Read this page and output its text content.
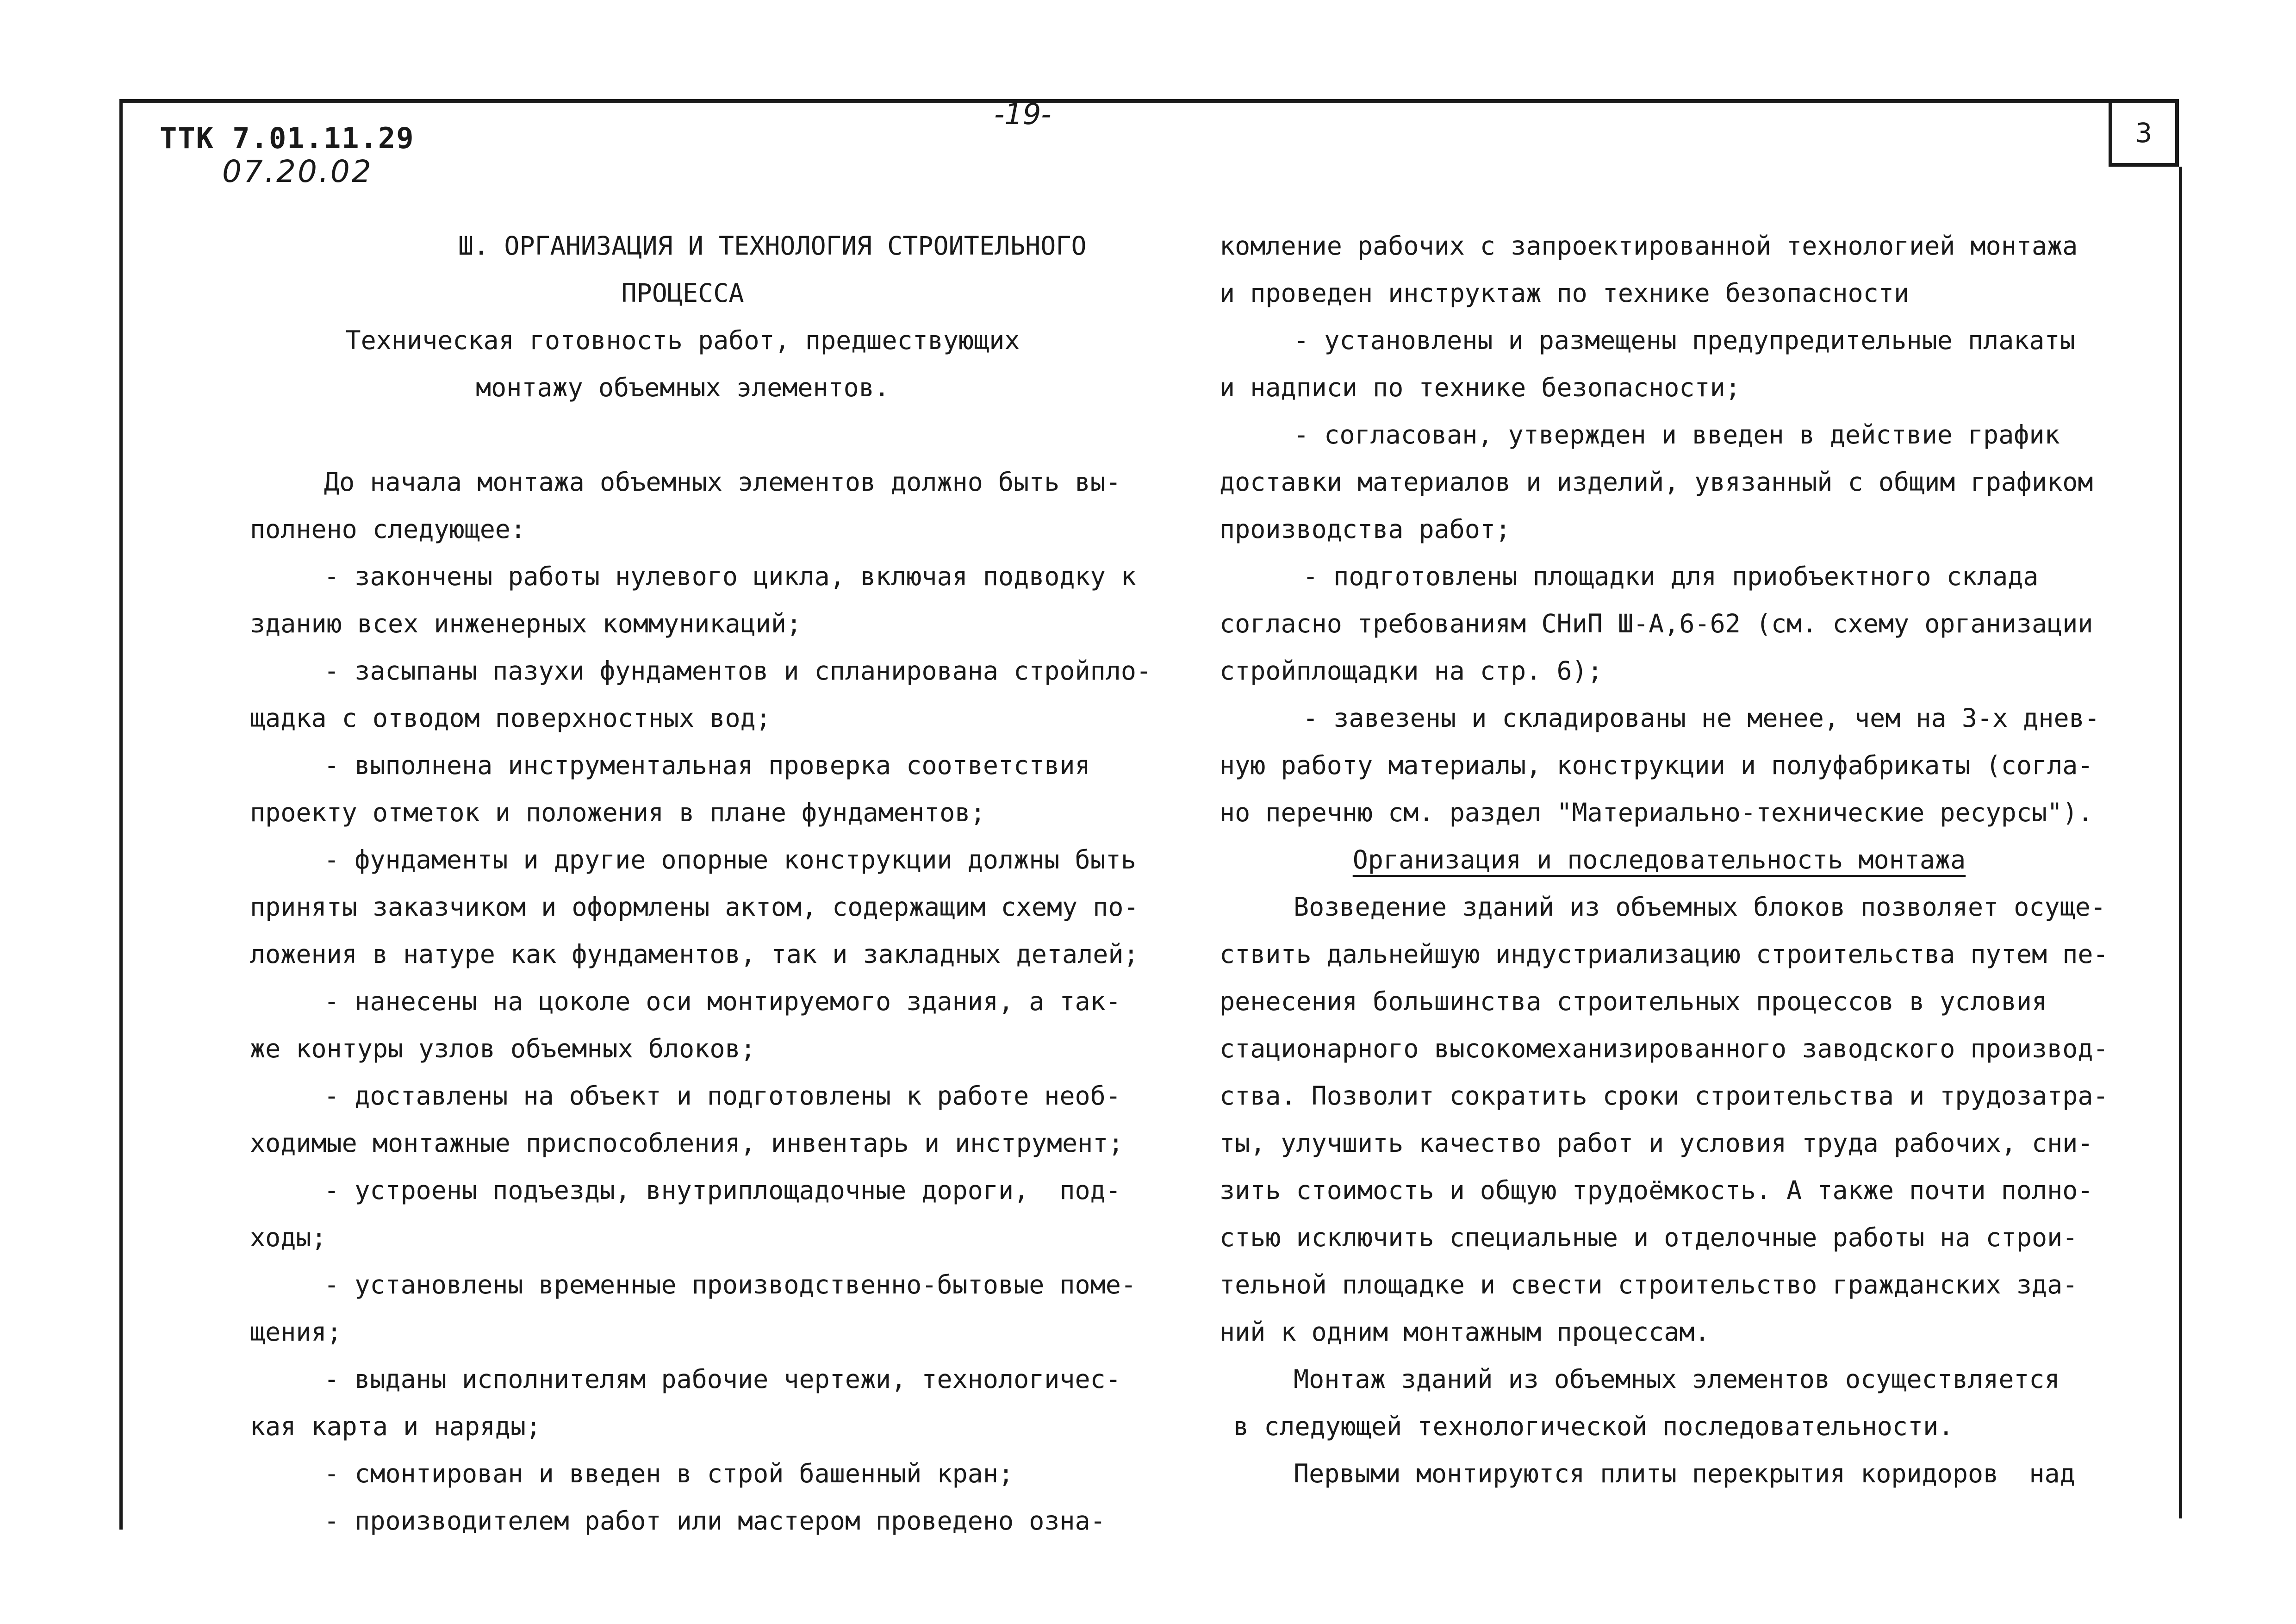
3
ТТК 7.01.11.29
07.20.02
-19-
Ш. ОРГАНИЗАЦИЯ И ТЕХНОЛОГИЯ СТРОИТЕЛЬНОГО
ПРОЦЕССА
Техническая готовность работ, предшествующих
монтажу объемных элементов.
До начала монтажа объемных элементов должно быть вы-
полнено следующее:
- закончены работы нулевого цикла, включая подводку к
зданию всех инженерных коммуникаций;
- засыпаны пазухи фундаментов и спланирована стройпло-
щадка с отводом поверхностных вод;
- выполнена инструментальная проверка соответствия
проекту отметок и положения в плане фундаментов;
- фундаменты и другие опорные конструкции должны быть
приняты заказчиком и оформлены актом, содержащим схему по-
ложения в натуре как фундаментов, так и закладных деталей;
- нанесены на цоколе оси монтируемого здания, а так-
же контуры узлов объемных блоков;
- доставлены на объект и подготовлены к работе необ-
ходимые монтажные приспособления, инвентарь и инструмент;
- устроены подъезды, внутриплощадочные дороги,  под-
ходы;
- установлены временные производственно-бытовые поме-
щения;
- выданы исполнителям рабочие чертежи, технологичес-
кая карта и наряды;
- смонтирован и введен в строй башенный кран;
- производителем работ или мастером проведено озна-
комление рабочих с запроектированной технологией монтажа
и проведен инструктаж по технике безопасности
- установлены и размещены предупредительные плакаты
и надписи по технике безопасности;
- согласован, утвержден и введен в действие график
доставки материалов и изделий, увязанный с общим графиком
производства работ;
- подготовлены площадки для приобъектного склада
согласно требованиям СНиП Ш-А,6-62 (см. схему организации
стройплощадки на стр. 6);
- завезены и складированы не менее, чем на 3-х днев-
ную работу материалы, конструкции и полуфабрикаты (согла-
но перечню см. раздел "Материально-технические ресурсы").
Организация и последовательность монтажа
Возведение зданий из объемных блоков позволяет осуще-
ствить дальнейшую индустриализацию строительства путем пе-
ренесения большинства строительных процессов в условия
стационарного высокомеханизированного заводского производ-
ства. Позволит сократить сроки строительства и трудозатра-
ты, улучшить качество работ и условия труда рабочих, сни-
зить стоимость и общую трудоёмкость. А также почти полно-
стью исключить специальные и отделочные работы на строи-
тельной площадке и свести строительство гражданских зда-
ний к одним монтажным процессам.
Монтаж зданий из объемных элементов осуществляется
в следующей технологической последовательности.
Первыми монтируются плиты перекрытия коридоров  над
